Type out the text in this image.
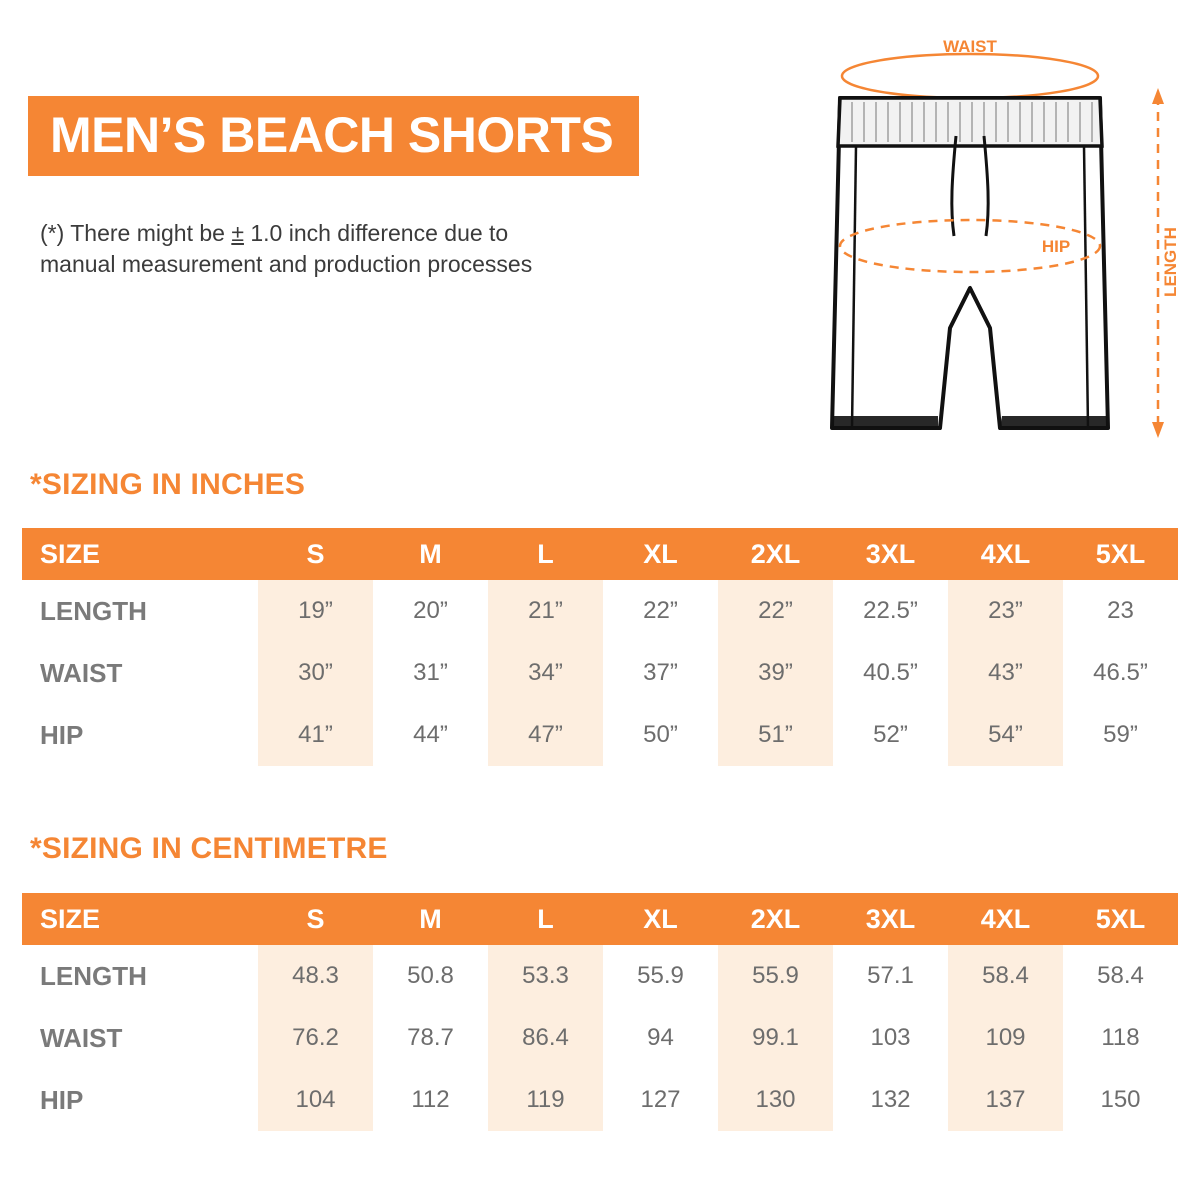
MEN’S BEACH SHORTS
(*) There might be ± 1.0 inch difference due to
manual measurement and production processes
WAIST
HIP	LENGTH
*SIZING IN INCHES
SIZE	S	M	L	XL	2XL	3XL	4XL	5XL
LENGTH	19”	20”	21”	22”	22”	22.5”	23”	23
WAIST	30”	31”	34”	37”	39”	40.5”	43”	46.5”
HIP	41”	44”	47”	50”	51”	52”	54”	59”
*SIZING IN CENTIMETRE
SIZE	S	M	L	XL	2XL	3XL	4XL	5XL
LENGTH	48.3	50.8	53.3	55.9	55.9	57.1	58.4	58.4
WAIST	76.2	78.7	86.4	94	99.1	103	109	118
HIP	104	112	119	127	130	132	137	150
